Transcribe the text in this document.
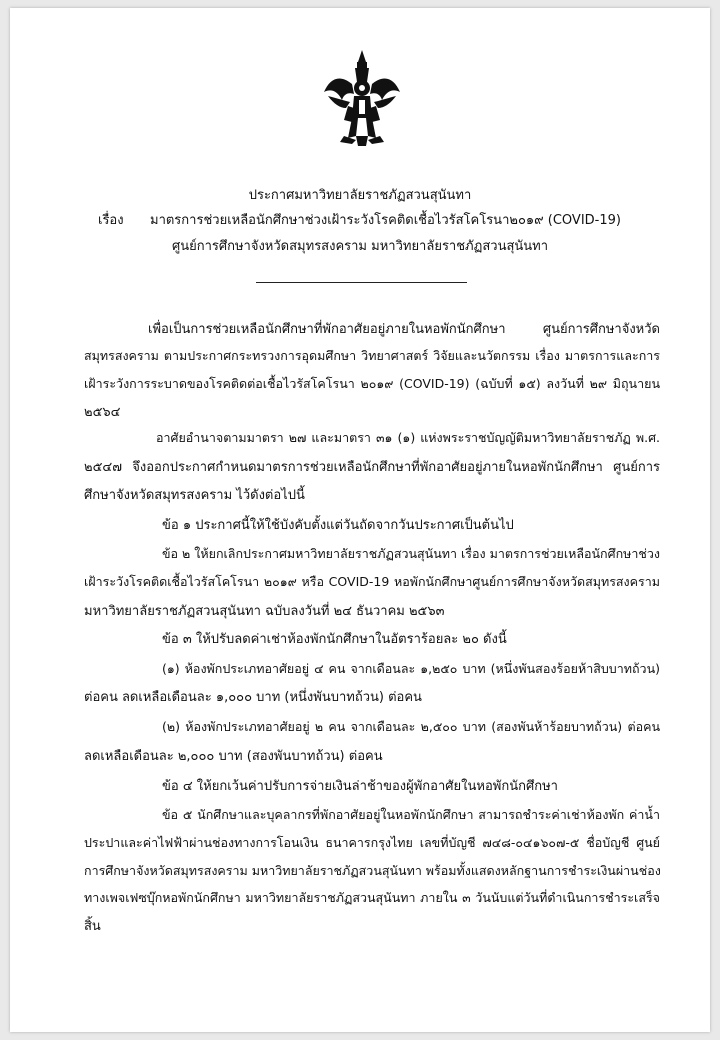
ประกาศมหาวิทยาลัยราชภัฏสวนสุนันทา
เรื่อง มาตรการช่วยเหลือนักศึกษาช่วงเฝ้าระวังโรคติดเชื้อไวรัสโคโรนา๒๐๑๙ (COVID-19)
ศูนย์การศึกษาจังหวัดสมุทรสงคราม มหาวิทยาลัยราชภัฏสวนสุนันทา
เพื่อเป็นการช่วยเหลือนักศึกษาที่พักอาศัยอยู่ภายในหอพักนักศึกษา ศูนย์การศึกษาจังหวัด
สมุทรสงคราม ตามประกาศกระทรวงการอุดมศึกษา วิทยาศาสตร์ วิจัยและนวัตกรรม เรื่อง มาตรการและการ
เฝ้าระวังการระบาดของโรคติดต่อเชื้อไวรัสโคโรนา ๒๐๑๙ (COVID-19) (ฉบับที่ ๑๕) ลงวันที่ ๒๙ มิถุนายน
๒๕๖๔
อาศัยอำนาจตามมาตรา ๒๗ และมาตรา ๓๑ (๑) แห่งพระราชบัญญัติมหาวิทยาลัยราชภัฏ พ.ศ.
๒๕๔๗ จึงออกประกาศกำหนดมาตรการช่วยเหลือนักศึกษาที่พักอาศัยอยู่ภายในหอพักนักศึกษา ศูนย์การ
ศึกษาจังหวัดสมุทรสงคราม ไว้ดังต่อไปนี้
ข้อ ๑ ประกาศนี้ให้ใช้บังคับตั้งแต่วันถัดจากวันประกาศเป็นต้นไป
ข้อ ๒ ให้ยกเลิกประกาศมหาวิทยาลัยราชภัฏสวนสุนันทา เรื่อง มาตรการช่วยเหลือนักศึกษาช่วง
เฝ้าระวังโรคติดเชื้อไวรัสโคโรนา ๒๐๑๙ หรือ COVID-19 หอพักนักศึกษาศูนย์การศึกษาจังหวัดสมุทรสงคราม
มหาวิทยาลัยราชภัฏสวนสุนันทา ฉบับลงวันที่ ๒๔ ธันวาคม ๒๕๖๓
ข้อ ๓ ให้ปรับลดค่าเช่าห้องพักนักศึกษาในอัตราร้อยละ ๒๐ ดังนี้
(๑) ห้องพักประเภทอาศัยอยู่ ๔ คน จากเดือนละ ๑,๒๕๐ บาท (หนึ่งพันสองร้อยห้าสิบบาทถ้วน)
ต่อคน ลดเหลือเดือนละ ๑,๐๐๐ บาท (หนึ่งพันบาทถ้วน) ต่อคน
(๒) ห้องพักประเภทอาศัยอยู่ ๒ คน จากเดือนละ ๒,๕๐๐ บาท (สองพันห้าร้อยบาทถ้วน) ต่อคน
ลดเหลือเดือนละ ๒,๐๐๐ บาท (สองพันบาทถ้วน) ต่อคน
ข้อ ๔ ให้ยกเว้นค่าปรับการจ่ายเงินล่าช้าของผู้พักอาศัยในหอพักนักศึกษา
ข้อ ๕ นักศึกษาและบุคลากรที่พักอาศัยอยู่ในหอพักนักศึกษา สามารถชำระค่าเช่าห้องพัก ค่าน้ำ
ประปาและค่าไฟฟ้าผ่านช่องทางการโอนเงิน ธนาคารกรุงไทย เลขที่บัญชี ๗๔๘-๐๔๑๖๐๗-๕ ชื่อบัญชี ศูนย์
การศึกษาจังหวัดสมุทรสงคราม มหาวิทยาลัยราชภัฏสวนสุนันทา พร้อมทั้งแสดงหลักฐานการชำระเงินผ่านช่อง
ทางเพจเฟซบุ๊กหอพักนักศึกษา มหาวิทยาลัยราชภัฏสวนสุนันทา ภายใน ๓ วันนับแต่วันที่ดำเนินการชำระเสร็จ
สิ้น
